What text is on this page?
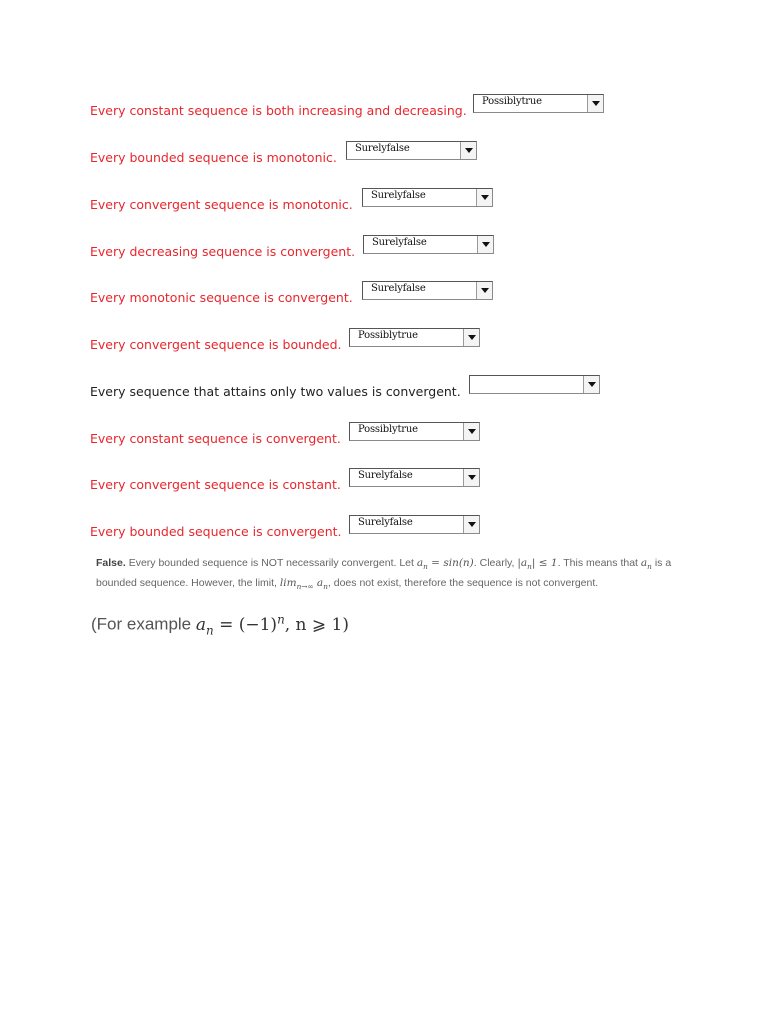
Every constant sequence is both increasing and decreasing.
Possiblytrue
Every bounded sequence is monotonic.
Surelyfalse
Every convergent sequence is monotonic.
Surelyfalse
Every decreasing sequence is convergent.
Surelyfalse
Every monotonic sequence is convergent.
Surelyfalse
Every convergent sequence is bounded.
Possiblytrue
Every sequence that attains only two values is convergent.
Every constant sequence is convergent.
Possiblytrue
Every convergent sequence is constant.
Surelyfalse
Every bounded sequence is convergent.
Surelyfalse
False. Every bounded sequence is NOT necessarily convergent. Let $a_n = \sin(n)$. Clearly, $|a_n| \le 1$. This means that $a_n$ is a bounded sequence. However, the limit, $\lim_{n\to\infty} a_n$, does not exist, therefore the sequence is not convergent.
(For example $a_n = (-1)^n$, n ⩾ 1)
